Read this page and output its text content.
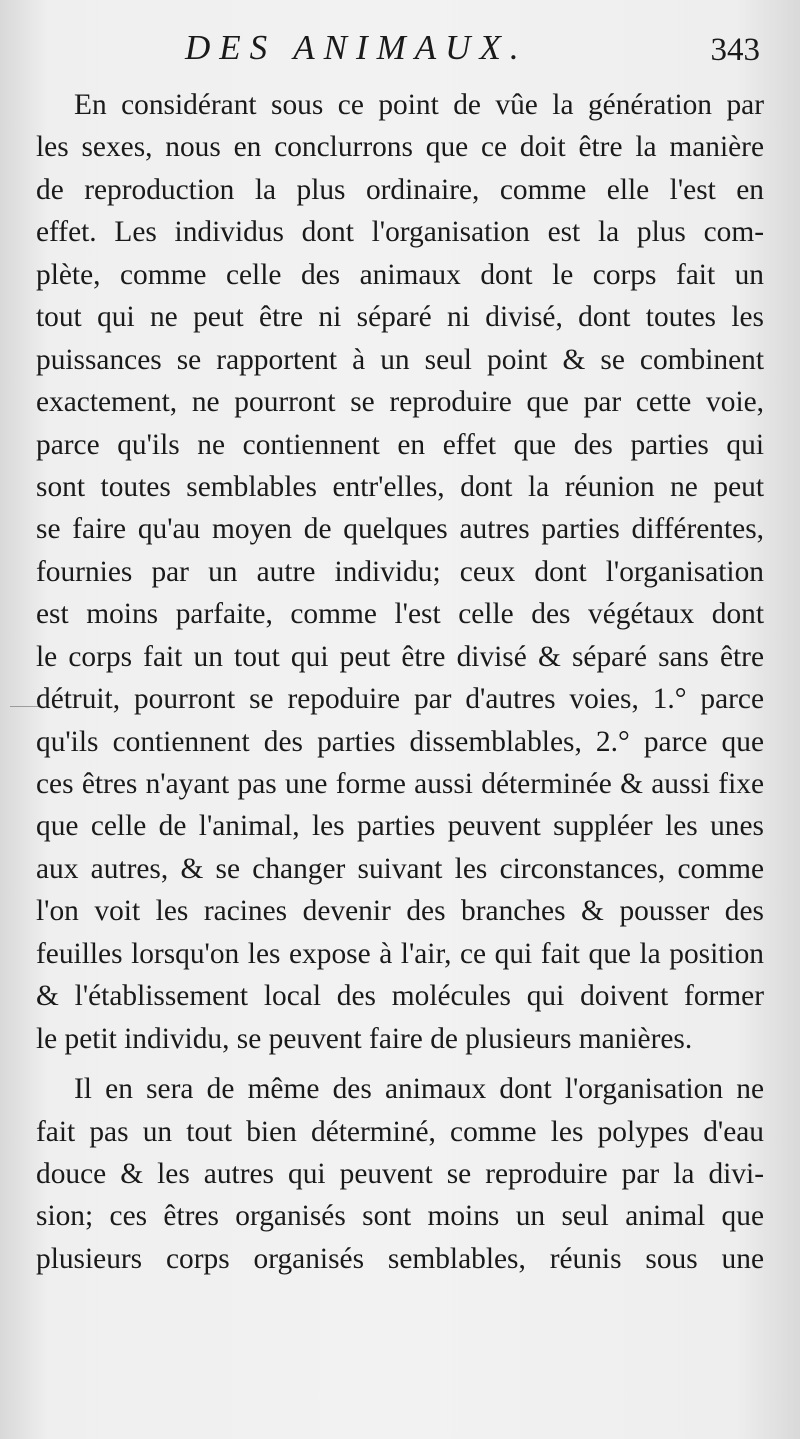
DES ANIMAUX.	343
En considérant sous ce point de vûe la génération par
les sexes, nous en conclurrons que ce doit être la manière
de reproduction la plus ordinaire, comme elle l'est en
effet. Les individus dont l'organisation est la plus com-
plète, comme celle des animaux dont le corps fait un
tout qui ne peut être ni séparé ni divisé, dont toutes les
puissances se rapportent à un seul point & se combinent
exactement, ne pourront se reproduire que par cette voie,
parce qu'ils ne contiennent en effet que des parties qui
sont toutes semblables entr'elles, dont la réunion ne peut
se faire qu'au moyen de quelques autres parties différentes,
fournies par un autre individu; ceux dont l'organisation
est moins parfaite, comme l'est celle des végétaux dont
le corps fait un tout qui peut être divisé & séparé sans être
détruit, pourront se repoduire par d'autres voies, 1.° parce
qu'ils contiennent des parties dissemblables, 2.° parce que
ces êtres n'ayant pas une forme aussi déterminée & aussi fixe
que celle de l'animal, les parties peuvent suppléer les unes
aux autres, & se changer suivant les circonstances, comme
l'on voit les racines devenir des branches & pousser des
feuilles lorsqu'on les expose à l'air, ce qui fait que la position
& l'établissement local des molécules qui doivent former
le petit individu, se peuvent faire de plusieurs manières.
Il en sera de même des animaux dont l'organisation ne
fait pas un tout bien déterminé, comme les polypes d'eau
douce & les autres qui peuvent se reproduire par la divi-
sion; ces êtres organisés sont moins un seul animal que
plusieurs corps organisés semblables, réunis sous une
